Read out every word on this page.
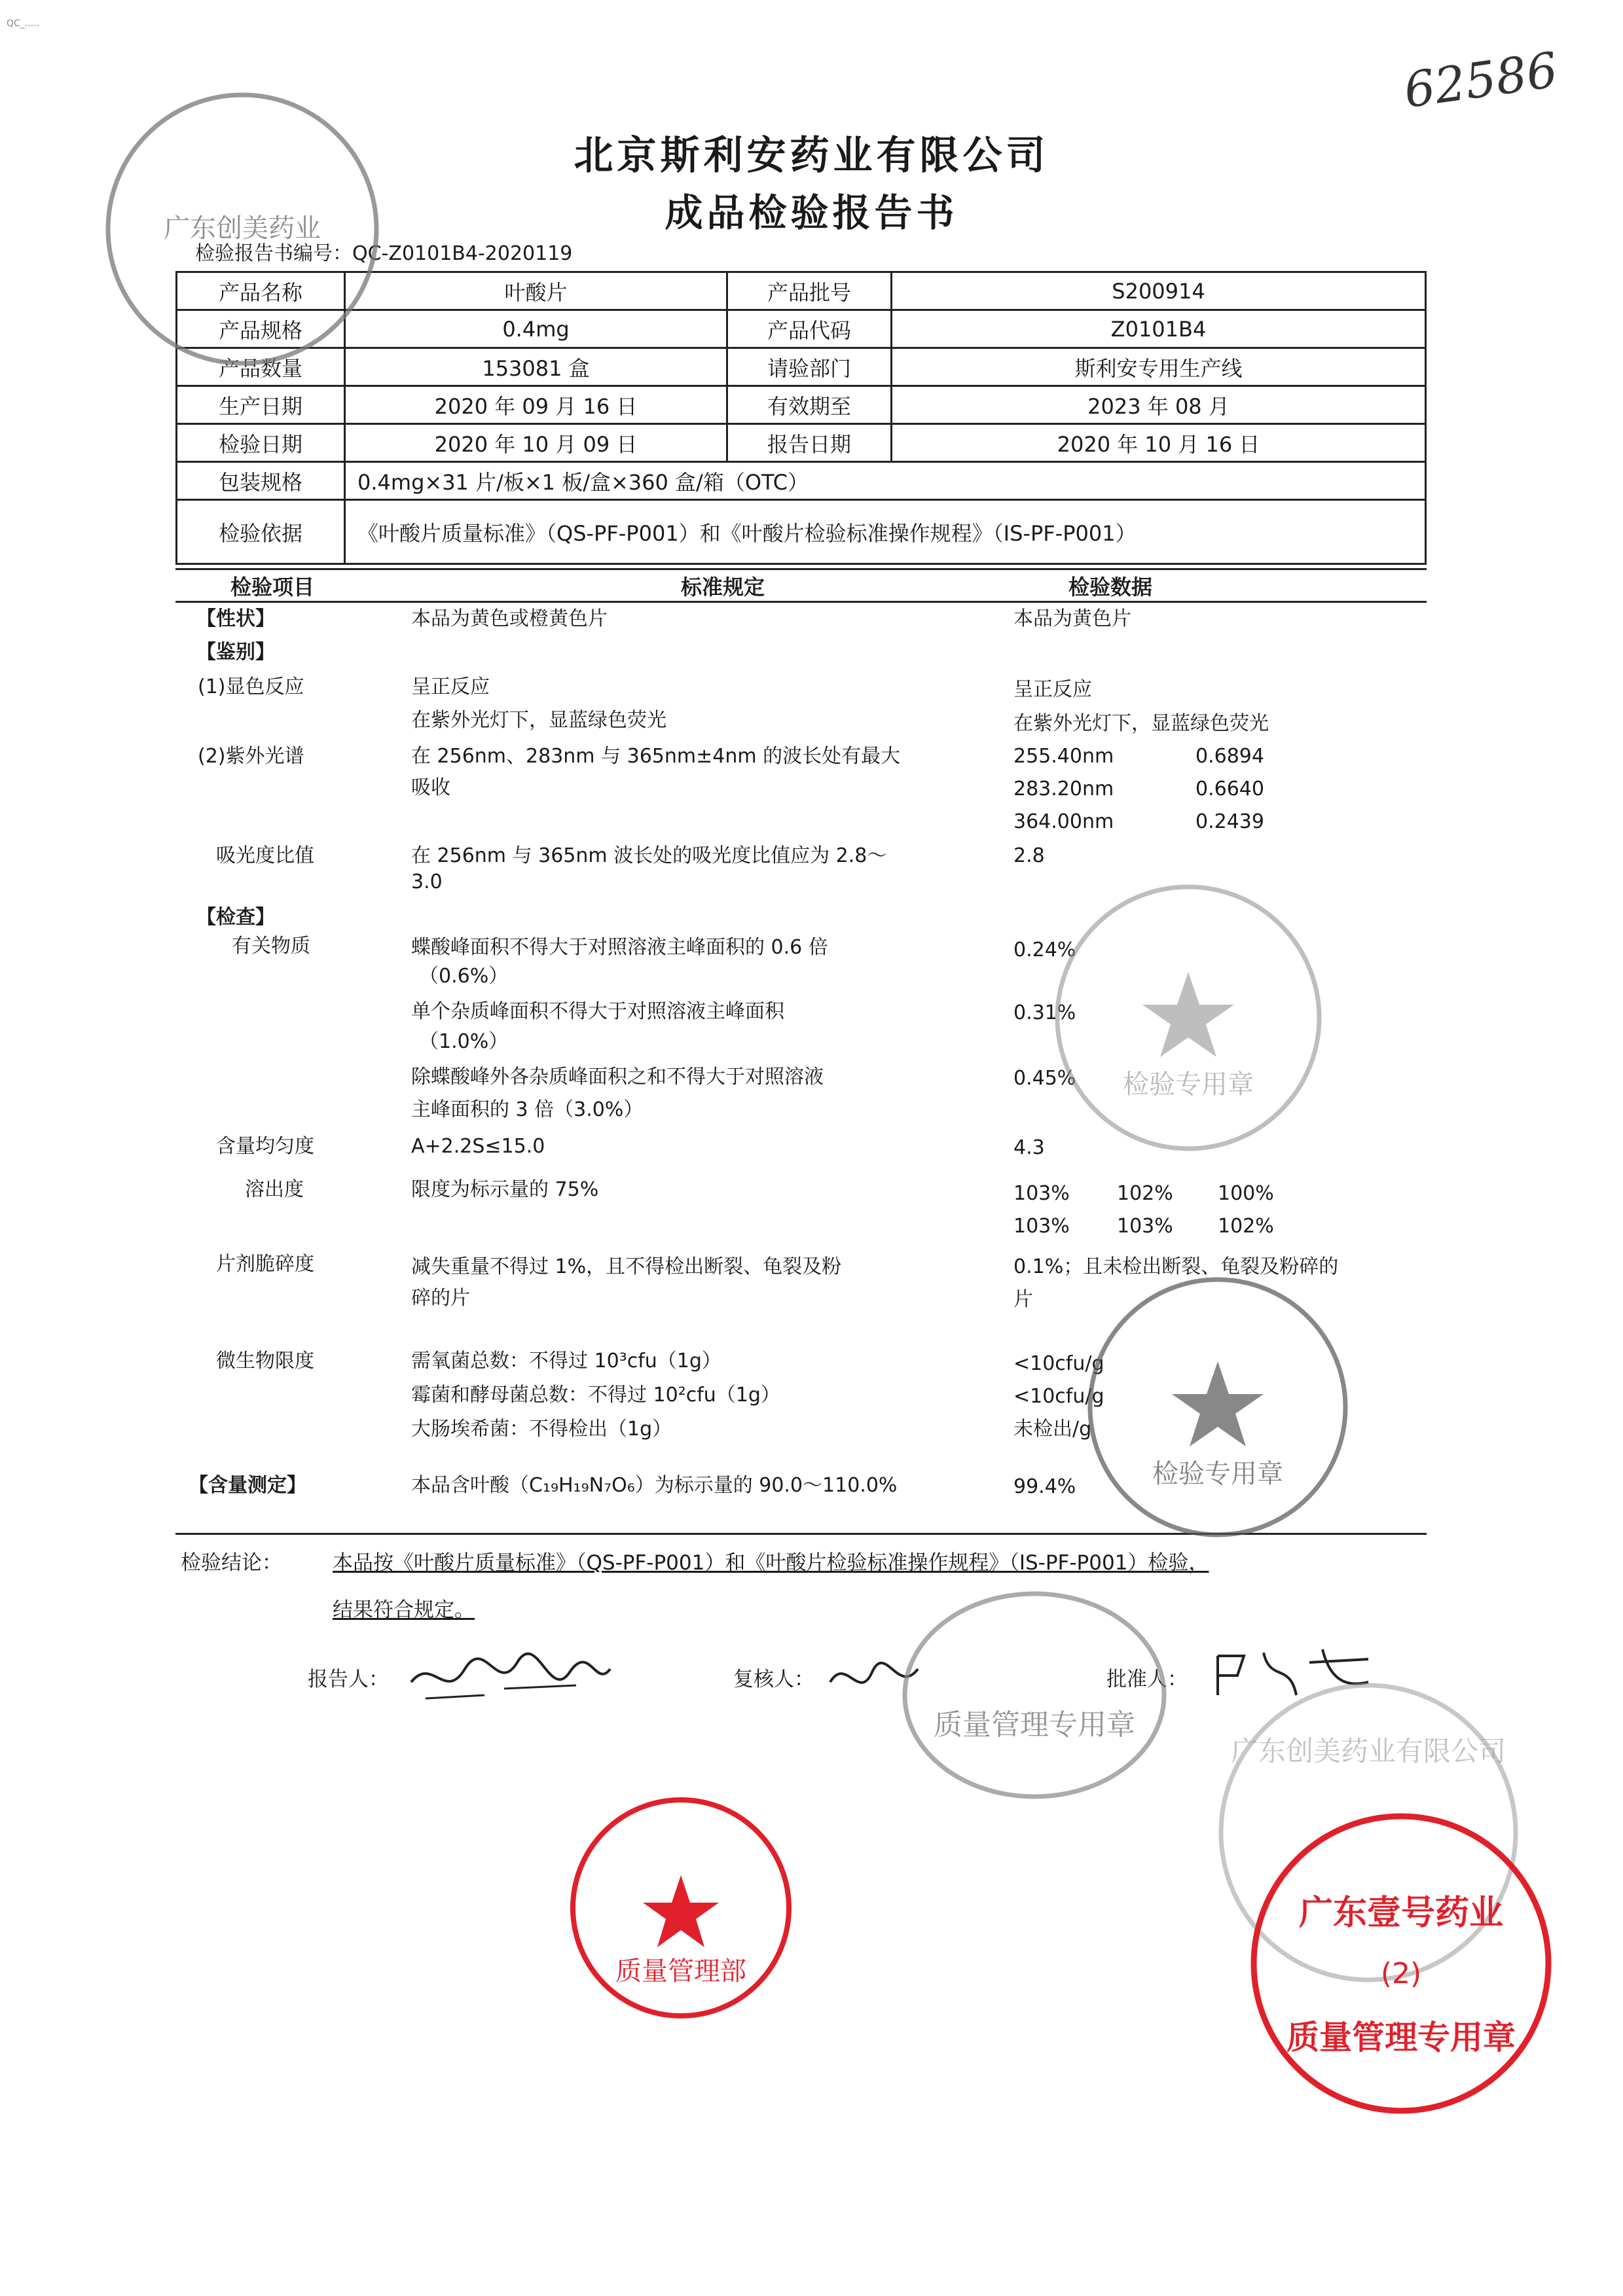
QC_.....
62586
北京斯利安药业有限公司
成品检验报告书
检验报告书编号：QC-Z0101B4-2020119
产品名称	叶酸片	产品批号	S200914
产品规格	0.4mg	产品代码	Z0101B4
产品数量	153081 盒	请验部门	斯利安专用生产线
生产日期	2020 年 09 月 16 日	有效期至	2023 年 08 月
检验日期	2020 年 10 月 09 日	报告日期	2020 年 10 月 16 日
包装规格	0.4mg×31 片/板×1 板/盒×360 盒/箱（OTC）		
检验依据	《叶酸片质量标准》（QS-PF-P001）和《叶酸片检验标准操作规程》（IS-PF-P001）		
检验项目	标准规定	检验数据
【性状】	本品为黄色或橙黄色片	本品为黄色片
【鉴别】
(1)显色反应	呈正反应	呈正反应
在紫外光灯下，显蓝绿色荧光	在紫外光灯下，显蓝绿色荧光
(2)紫外光谱	在 256nm、283nm 与 365nm±4nm 的波长处有最大	255.40nm	0.6894
吸收	283.20nm	0.6640
364.00nm	0.2439
吸光度比值	在 256nm 与 365nm 波长处的吸光度比值应为 2.8～	2.8
3.0
【检查】
有关物质	蝶酸峰面积不得大于对照溶液主峰面积的 0.6 倍	0.24%
（0.6%）
单个杂质峰面积不得大于对照溶液主峰面积	0.31%
（1.0%）
除蝶酸峰外各杂质峰面积之和不得大于对照溶液	0.45%
主峰面积的 3 倍（3.0%）
含量均匀度	A+2.2S≤15.0	4.3
溶出度	限度为标示量的 75%	103% 102% 100%
103% 103% 102%
片剂脆碎度	减失重量不得过 1%，且不得检出断裂、龟裂及粉	0.1%；且未检出断裂、龟裂及粉碎的
碎的片	片
微生物限度	需氧菌总数：不得过 10³cfu（1g）	<10cfu/g
霉菌和酵母菌总数：不得过 10²cfu（1g）	<10cfu/g
大肠埃希菌：不得检出（1g）	未检出/g
【含量测定】	本品含叶酸（C₁₉H₁₉N₇O₆）为标示量的 90.0～110.0%	99.4%
检验结论： 本品按《叶酸片质量标准》（QS-PF-P001）和《叶酸片检验标准操作规程》（IS-PF-P001）检验，
结果符合规定。
报告人：	复核人：	批准人：
广东创美药业
检验专用章
检验专用章
质量管理专用章
广东创美药业有限公司
质量管理部
广东壹号药业
(2)
质量管理专用章
